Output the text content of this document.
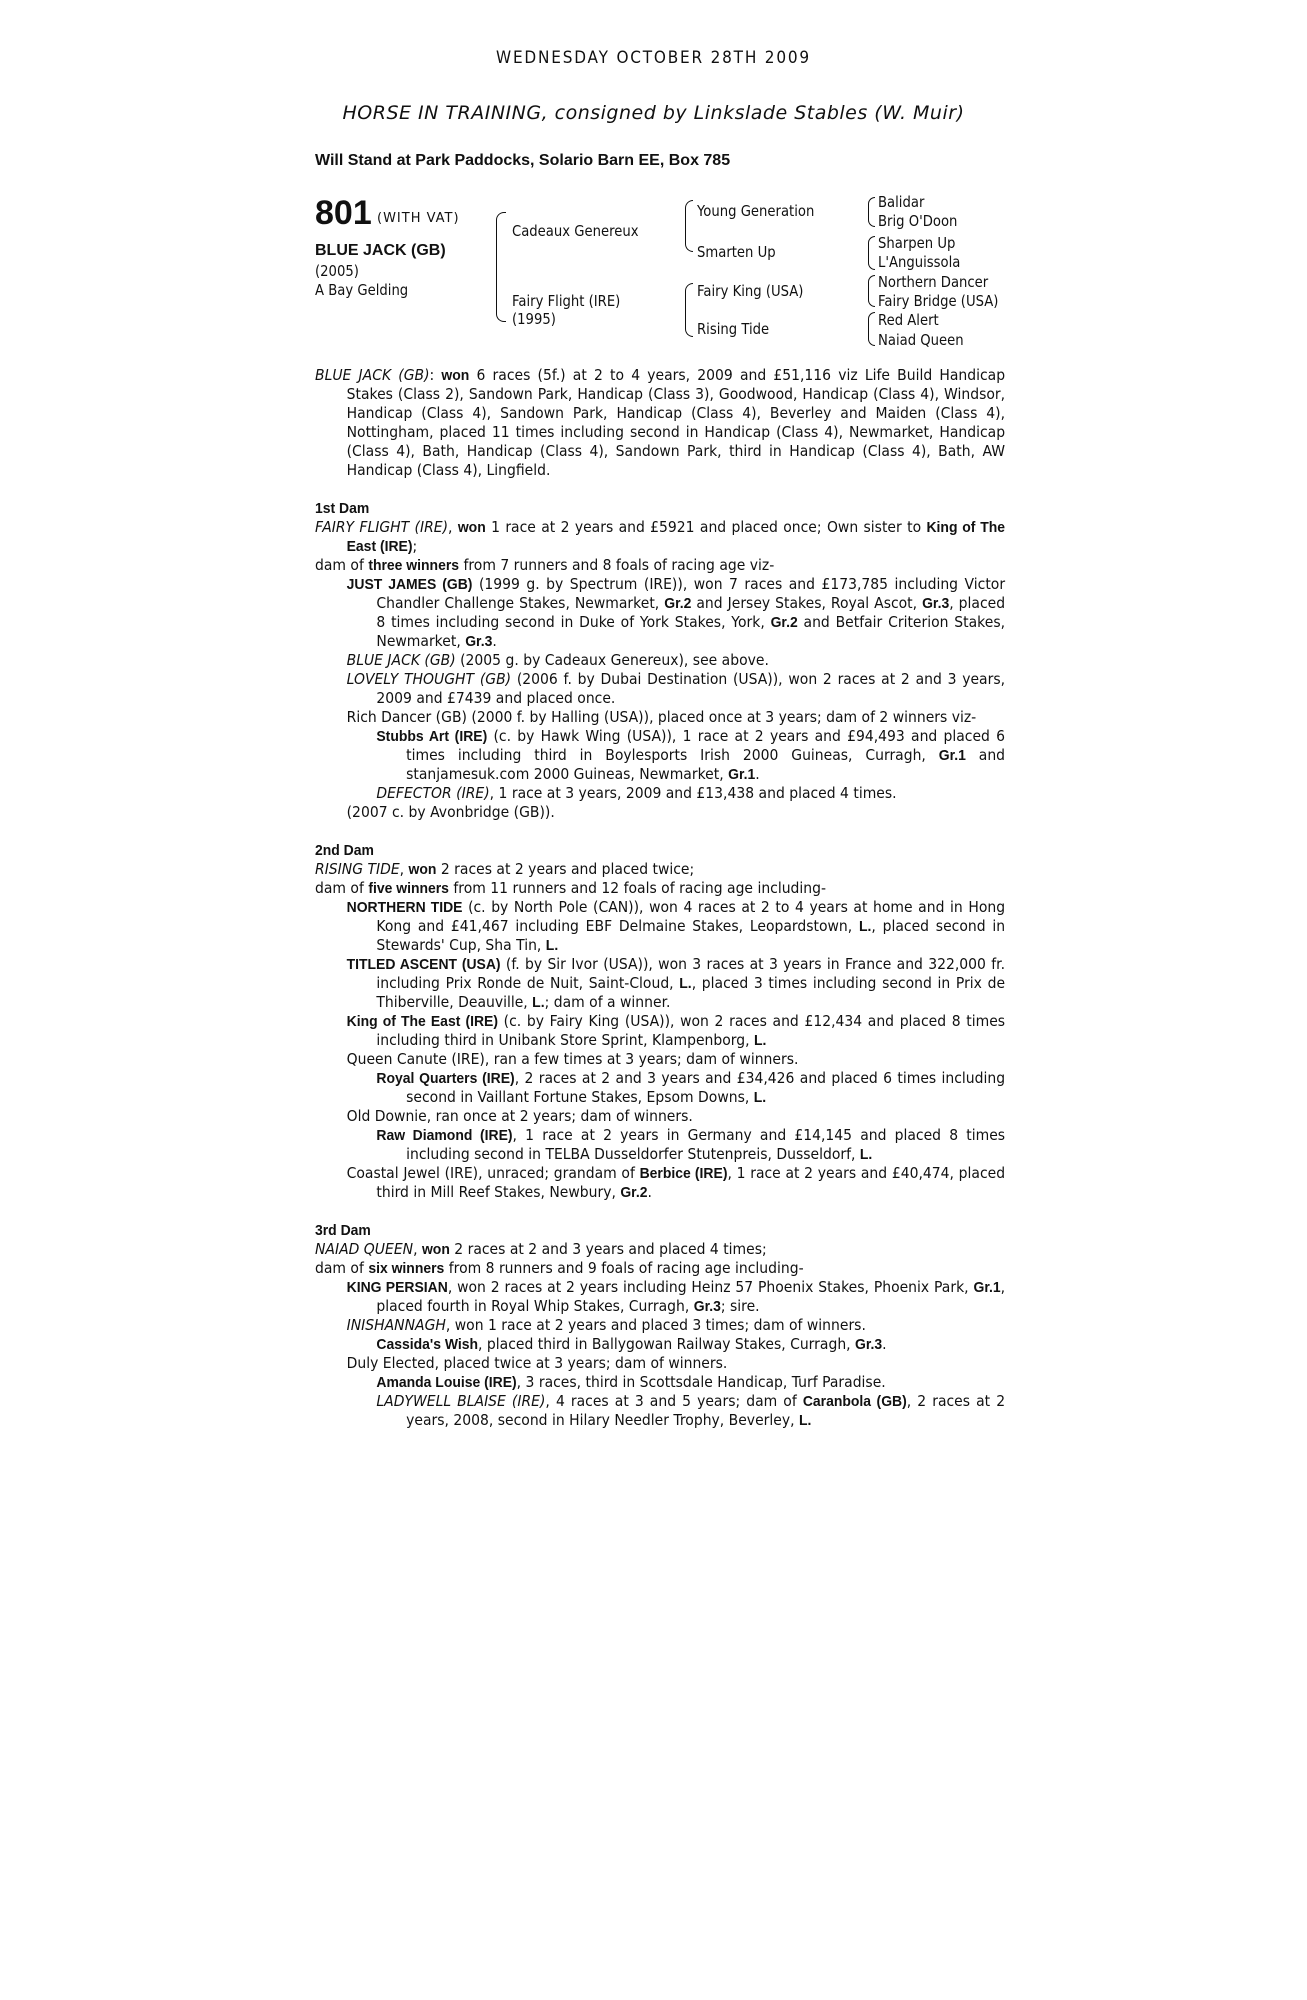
WEDNESDAY OCTOBER 28TH 2009
HORSE IN TRAINING, consigned by Linkslade Stables (W. Muir)
Will Stand at Park Paddocks, Solario Barn EE, Box 785
801 (WITH VAT)
BLUE JACK (GB)
(2005)
A Bay Gelding
Cadeaux Genereux
Fairy Flight (IRE)
(1995)
Young Generation
Smarten Up
Fairy King (USA)
Rising Tide
Balidar
Brig O'Doon
Sharpen Up
L'Anguissola
Northern Dancer
Fairy Bridge (USA)
Red Alert
Naiad Queen

BLUE JACK (GB): won 6 races (5f.) at 2 to 4 years, 2009 and £51,116 viz Life Build Handicap Stakes (Class 2), Sandown Park, Handicap (Class 3), Goodwood, Handicap (Class 4), Windsor, Handicap (Class 4), Sandown Park, Handicap (Class 4), Beverley and Maiden (Class 4), Nottingham, placed 11 times including second in Handicap (Class 4), Newmarket, Handicap (Class 4), Bath, Handicap (Class 4), Sandown Park, third in Handicap (Class 4), Bath, AW Handicap (Class 4), Lingfield.

1st Dam

FAIRY FLIGHT (IRE), won 1 race at 2 years and £5921 and placed once; Own sister to King of The East (IRE);

dam of three winners from 7 runners and 8 foals of racing age viz-

JUST JAMES (GB) (1999 g. by Spectrum (IRE)), won 7 races and £173,785 including Victor Chandler Challenge Stakes, Newmarket, Gr.2 and Jersey Stakes, Royal Ascot, Gr.3, placed 8 times including second in Duke of York Stakes, York, Gr.2 and Betfair Criterion Stakes, Newmarket, Gr.3.

BLUE JACK (GB) (2005 g. by Cadeaux Genereux), see above.

LOVELY THOUGHT (GB) (2006 f. by Dubai Destination (USA)), won 2 races at 2 and 3 years, 2009 and £7439 and placed once.

Rich Dancer (GB) (2000 f. by Halling (USA)), placed once at 3 years; dam of 2 winners viz-

Stubbs Art (IRE) (c. by Hawk Wing (USA)), 1 race at 2 years and £94,493 and placed 6 times including third in Boylesports Irish 2000 Guineas, Curragh, Gr.1 and stanjamesuk.com 2000 Guineas, Newmarket, Gr.1.

DEFECTOR (IRE), 1 race at 3 years, 2009 and £13,438 and placed 4 times.

(2007 c. by Avonbridge (GB)).

2nd Dam

RISING TIDE, won 2 races at 2 years and placed twice;

dam of five winners from 11 runners and 12 foals of racing age including-

NORTHERN TIDE (c. by North Pole (CAN)), won 4 races at 2 to 4 years at home and in Hong Kong and £41,467 including EBF Delmaine Stakes, Leopardstown, L., placed second in Stewards' Cup, Sha Tin, L.

TITLED ASCENT (USA) (f. by Sir Ivor (USA)), won 3 races at 3 years in France and 322,000 fr. including Prix Ronde de Nuit, Saint-Cloud, L., placed 3 times including second in Prix de Thiberville, Deauville, L.; dam of a winner.

King of The East (IRE) (c. by Fairy King (USA)), won 2 races and £12,434 and placed 8 times including third in Unibank Store Sprint, Klampenborg, L.

Queen Canute (IRE), ran a few times at 3 years; dam of winners.

Royal Quarters (IRE), 2 races at 2 and 3 years and £34,426 and placed 6 times including second in Vaillant Fortune Stakes, Epsom Downs, L.

Old Downie, ran once at 2 years; dam of winners.

Raw Diamond (IRE), 1 race at 2 years in Germany and £14,145 and placed 8 times including second in TELBA Dusseldorfer Stutenpreis, Dusseldorf, L.

Coastal Jewel (IRE), unraced; grandam of Berbice (IRE), 1 race at 2 years and £40,474, placed third in Mill Reef Stakes, Newbury, Gr.2.

3rd Dam

NAIAD QUEEN, won 2 races at 2 and 3 years and placed 4 times;

dam of six winners from 8 runners and 9 foals of racing age including-

KING PERSIAN, won 2 races at 2 years including Heinz 57 Phoenix Stakes, Phoenix Park, Gr.1, placed fourth in Royal Whip Stakes, Curragh, Gr.3; sire.

INISHANNAGH, won 1 race at 2 years and placed 3 times; dam of winners.

Cassida's Wish, placed third in Ballygowan Railway Stakes, Curragh, Gr.3.

Duly Elected, placed twice at 3 years; dam of winners.

Amanda Louise (IRE), 3 races, third in Scottsdale Handicap, Turf Paradise.

LADYWELL BLAISE (IRE), 4 races at 3 and 5 years; dam of Caranbola (GB), 2 races at 2 years, 2008, second in Hilary Needler Trophy, Beverley, L.
